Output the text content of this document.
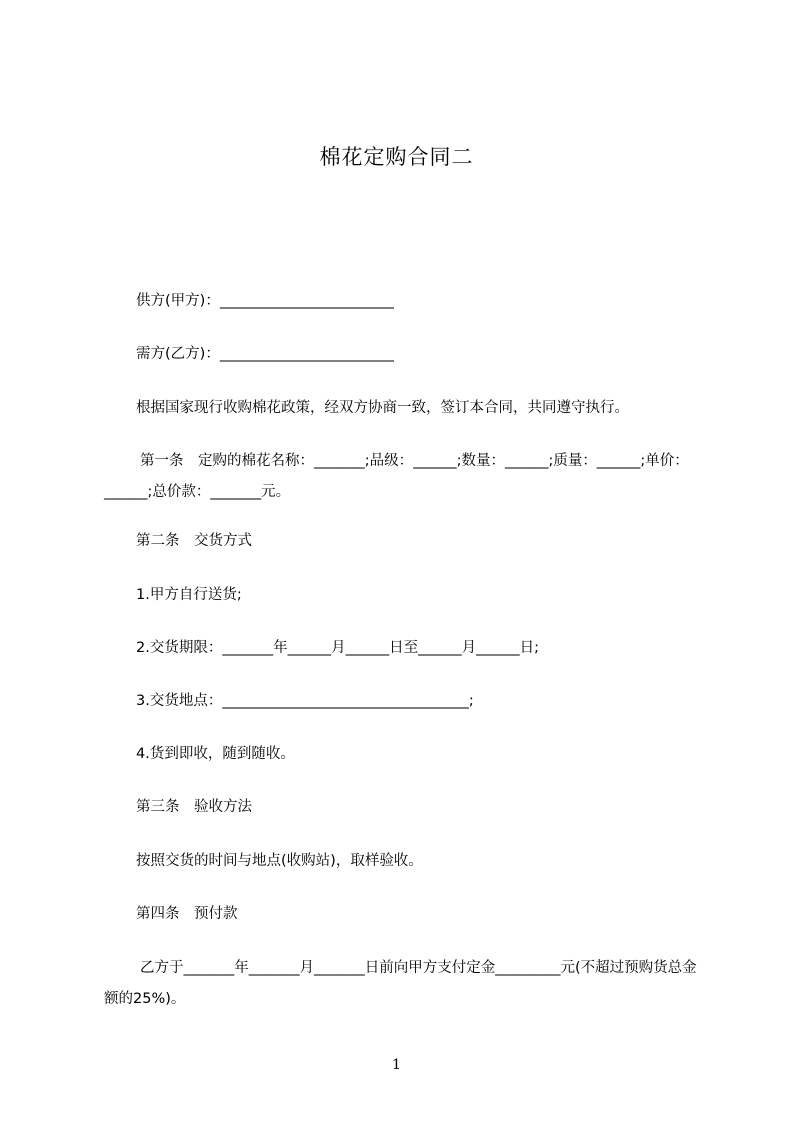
棉花定购合同二
供方(甲方)：________________________
需方(乙方)：________________________
根据国家现行收购棉花政策，经双方协商一致，签订本合同，共同遵守执行。
第一条　定购的棉花名称：_______;品级：______;数量：______;质量：______;单价：______;总价款：_______元。
第二条　交货方式
1.甲方自行送货;
2.交货期限：_______年______月______日至______月______日;
3.交货地点：__________________________________;
4.货到即收，随到随收。
第三条　验收方法
按照交货的时间与地点(收购站)，取样验收。
第四条　预付款
乙方于_______年_______月_______日前向甲方支付定金_________元(不超过预购货总金额的25%)。
1
